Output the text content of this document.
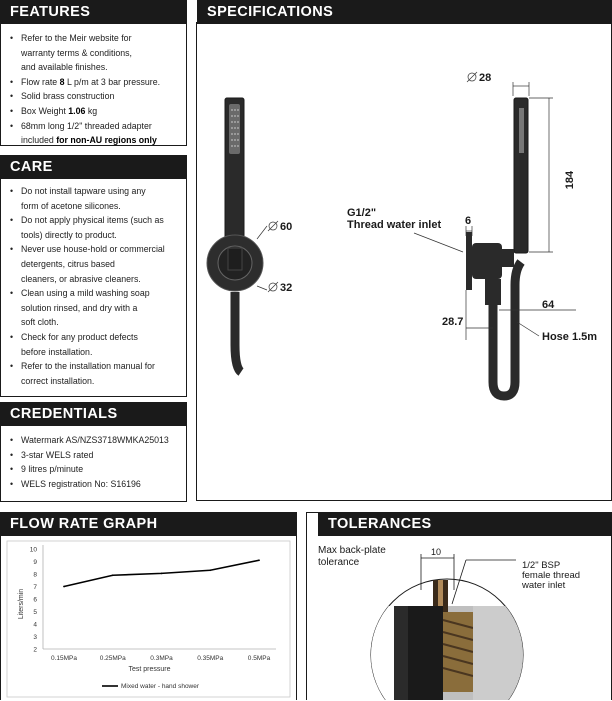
FEATURES
• Refer to the Meir website for
warranty terms & conditions,
and available finishes.
• Flow rate 8 L p/m at 3 bar pressure.
• Solid brass construction
• Box Weight 1.06 kg
• 68mm long 1/2" threaded adapter
included for non-AU regions only
CARE
• Do not install tapware using any
form of acetone silicones.
• Do not apply physical items (such as
tools) directly to product.
• Never use house-hold or commercial
detergents, citrus based
cleaners, or abrasive cleaners.
• Clean using a mild washing soap
solution rinsed, and dry with a
soft cloth.
• Check for any product defects
before installation.
• Refer to the installation manual for
correct installation.
CREDENTIALS
• Watermark AS/NZS3718WMKA25013
• 3-star WELS rated
• 9 litres p/minute
• WELS registration No: S16196
SPECIFICATIONS
60
32
28
184
G1/2"
Thread water inlet 6
64
28.7
Hose 1.5m
FLOW RATE GRAPH
2
3
4
5
6
7
8
9
10
0.15MPa	0.25MPa	0.3MPa	0.35MPa	0.5MPa
Test pressure
Liters/min
Mixed water - hand shower
TOLERANCES
Max back-plate
tolerance
10
1/2" BSP
female thread
water inlet
